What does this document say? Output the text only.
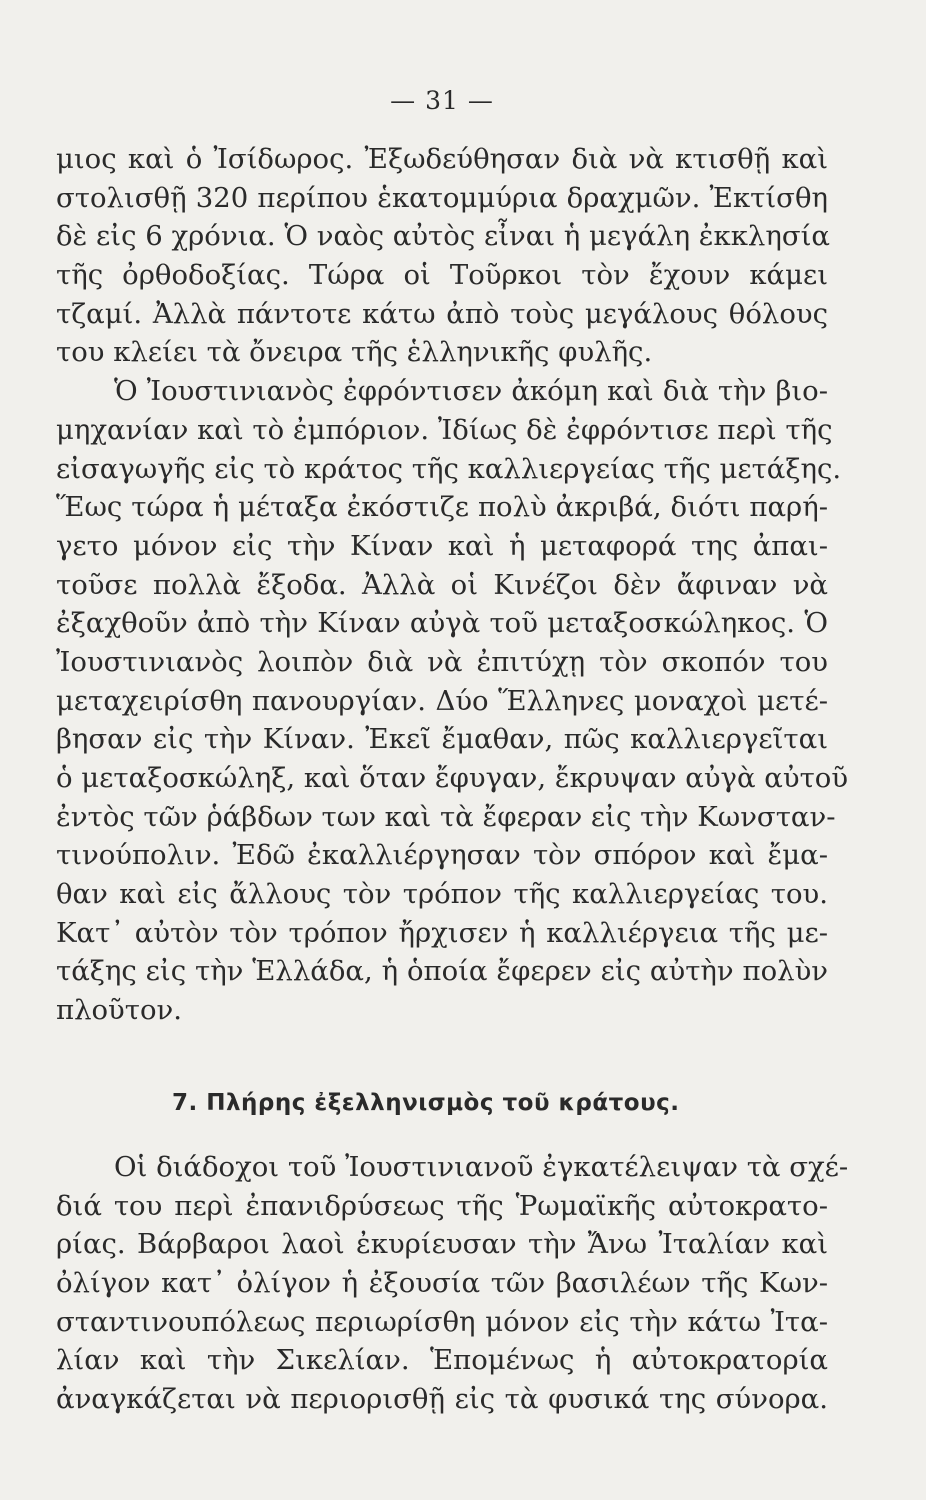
— 31 —
μιος καὶ ὁ Ἰσίδωρος. Ἐξωδεύθησαν διὰ νὰ κτισθῇ καὶ
στολισθῇ 320 περίπου ἑκατομμύρια δραχμῶν. Ἐκτίσθη
δὲ εἰς 6 χρόνια. Ὁ ναὸς αὐτὸς εἶναι ἡ μεγάλη ἐκκλησία
τῆς ὀρθοδοξίας. Τώρα οἱ Τοῦρκοι τὸν ἔχουν κάμει
τζαμί. Ἀλλὰ πάντοτε κάτω ἀπὸ τοὺς μεγάλους θόλους
του κλείει τὰ ὄνειρα τῆς ἑλληνικῆς φυλῆς.
Ὁ Ἰουστινιανὸς ἐφρόντισεν ἀκόμη καὶ διὰ τὴν βιο-
μηχανίαν καὶ τὸ ἐμπόριον. Ἰδίως δὲ ἐφρόντισε περὶ τῆς
εἰσαγωγῆς εἰς τὸ κράτος τῆς καλλιεργείας τῆς μετάξης.
Ἕως τώρα ἡ μέταξα ἐκόστιζε πολὺ ἀκριβά, διότι παρή-
γετο μόνον εἰς τὴν Κίναν καὶ ἡ μεταφορά της ἀπαι-
τοῦσε πολλὰ ἔξοδα. Ἀλλὰ οἱ Κινέζοι δὲν ἄφιναν νὰ
ἐξαχθοῦν ἀπὸ τὴν Κίναν αὐγὰ τοῦ μεταξοσκώληκος. Ὁ
Ἰουστινιανὸς λοιπὸν διὰ νὰ ἐπιτύχῃ τὸν σκοπόν του
μεταχειρίσθη πανουργίαν. Δύο Ἕλληνες μοναχοὶ μετέ-
βησαν εἰς τὴν Κίναν. Ἐκεῖ ἔμαθαν, πῶς καλλιεργεῖται
ὁ μεταξοσκώληξ, καὶ ὅταν ἔφυγαν, ἔκρυψαν αὐγὰ αὐτοῦ
ἐντὸς τῶν ῥάβδων των καὶ τὰ ἔφεραν εἰς τὴν Κωνσταν-
τινούπολιν. Ἐδῶ ἐκαλλιέργησαν τὸν σπόρον καὶ ἔμα-
θαν καὶ εἰς ἄλλους τὸν τρόπον τῆς καλλιεργείας του.
Κατ᾽ αὐτὸν τὸν τρόπον ἤρχισεν ἡ καλλιέργεια τῆς με-
τάξης εἰς τὴν Ἑλλάδα, ἡ ὁποία ἔφερεν εἰς αὐτὴν πολὺν
πλοῦτον.
7. Πλήρης ἐξελληνισμὸς τοῦ κράτους.
Οἱ διάδοχοι τοῦ Ἰουστινιανοῦ ἐγκατέλειψαν τὰ σχέ-
διά του περὶ ἐπανιδρύσεως τῆς Ῥωμαϊκῆς αὐτοκρατο-
ρίας. Βάρβαροι λαοὶ ἐκυρίευσαν τὴν Ἄνω Ἰταλίαν καὶ
ὀλίγον κατ᾽ ὀλίγον ἡ ἐξουσία τῶν βασιλέων τῆς Κων-
σταντινουπόλεως περιωρίσθη μόνον εἰς τὴν κάτω Ἰτα-
λίαν καὶ τὴν Σικελίαν. Ἑπομένως ἡ αὐτοκρατορία
ἀναγκάζεται νὰ περιορισθῇ εἰς τὰ φυσικά της σύνορα.
